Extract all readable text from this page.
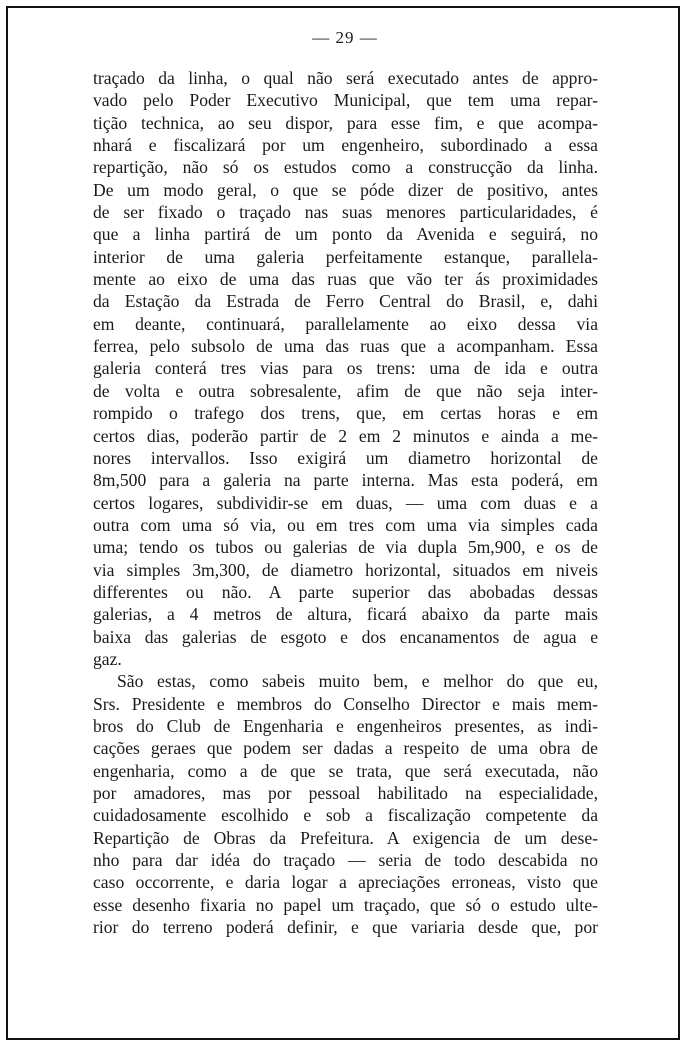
— 29 —
traçado da linha, o qual não será executado antes de appro-
vado pelo Poder Executivo Municipal, que tem uma repar-
tição technica, ao seu dispor, para esse fim, e que acompa-
nhará e fiscalizará por um engenheiro, subordinado a essa
repartição, não só os estudos como a construcção da linha.
De um modo geral, o que se póde dizer de positivo, antes
de ser fixado o traçado nas suas menores particularidades, é
que a linha partirá de um ponto da Avenida e seguirá, no
interior de uma galeria perfeitamente estanque, parallela-
mente ao eixo de uma das ruas que vão ter ás proximidades
da Estação da Estrada de Ferro Central do Brasil, e, dahi
em deante, continuará, parallelamente ao eixo dessa via
ferrea, pelo subsolo de uma das ruas que a acompanham. Essa
galeria conterá tres vias para os trens: uma de ida e outra
de volta e outra sobresalente, afim de que não seja inter-
rompido o trafego dos trens, que, em certas horas e em
certos dias, poderão partir de 2 em 2 minutos e ainda a me-
nores intervallos. Isso exigirá um diametro horizontal de
8m,500 para a galeria na parte interna. Mas esta poderá, em
certos logares, subdividir-se em duas, — uma com duas e a
outra com uma só via, ou em tres com uma via simples cada
uma; tendo os tubos ou galerias de via dupla 5m,900, e os de
via simples 3m,300, de diametro horizontal, situados em niveis
differentes ou não. A parte superior das abobadas dessas
galerias, a 4 metros de altura, ficará abaixo da parte mais
baixa das galerias de esgoto e dos encanamentos de agua e
gaz.
São estas, como sabeis muito bem, e melhor do que eu,
Srs. Presidente e membros do Conselho Director e mais mem-
bros do Club de Engenharia e engenheiros presentes, as indi-
cações geraes que podem ser dadas a respeito de uma obra de
engenharia, como a de que se trata, que será executada, não
por amadores, mas por pessoal habilitado na especialidade,
cuidadosamente escolhido e sob a fiscalização competente da
Repartição de Obras da Prefeitura. A exigencia de um dese-
nho para dar idéa do traçado — seria de todo descabida no
caso occorrente, e daria logar a apreciações erroneas, visto que
esse desenho fixaria no papel um traçado, que só o estudo ulte-
rior do terreno poderá definir, e que variaria desde que, por
